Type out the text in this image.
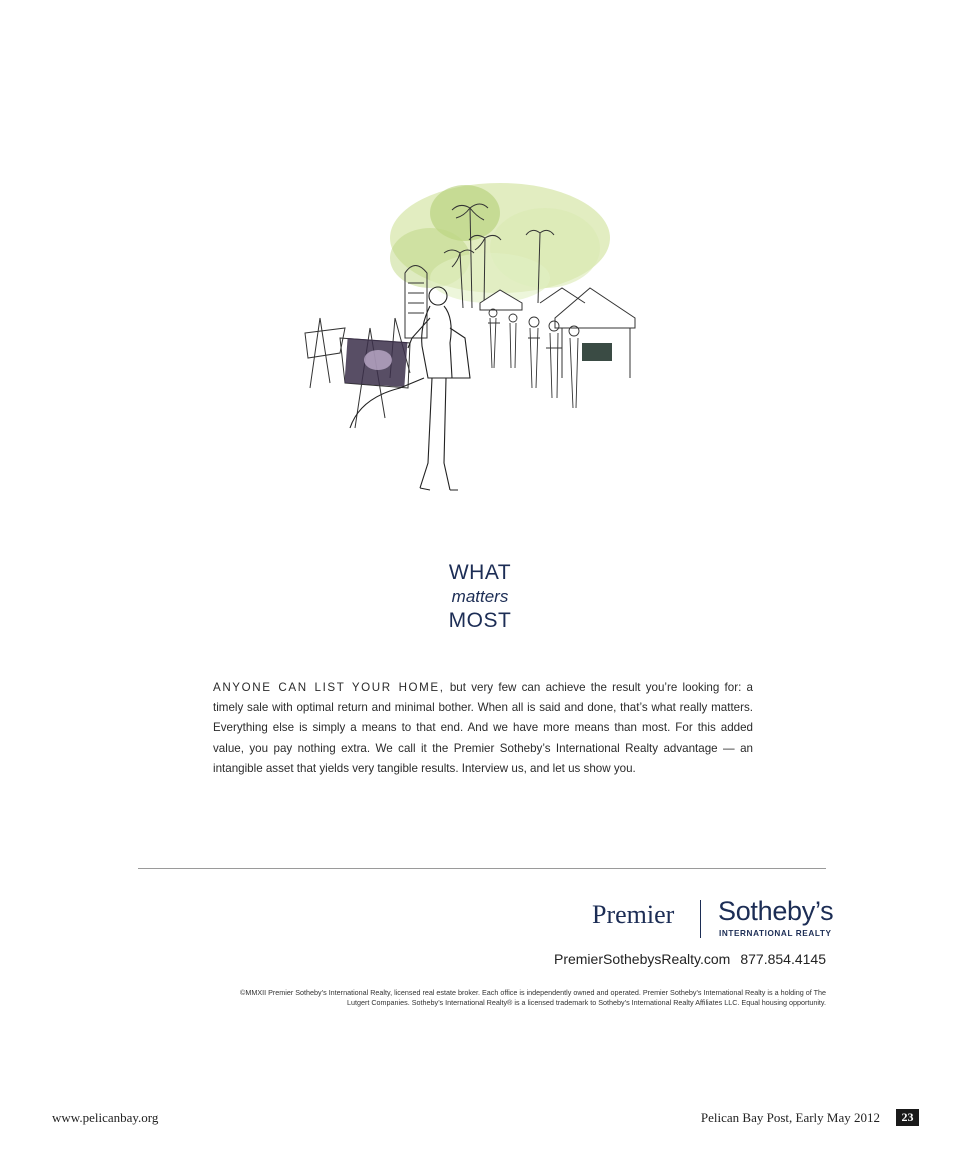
WHAT
matters
MOST
ANYONE CAN LIST YOUR HOME, but very few can achieve the result you’re looking for: a timely sale with optimal return and minimal bother. When all is said and done, that’s what really matters. Everything else is simply a means to that end. And we have more means than most. For this added value, you pay nothing extra. We call it the Premier Sotheby’s International Realty advantage — an intangible asset that yields very tangible results. Interview us, and let us show you.
Premier Sotheby’s
INTERNATIONAL REALTY
PremierSothebysRealty.com 877.854.4145
©MMXII Premier Sotheby’s International Realty, licensed real estate broker. Each office is independently owned and operated. Premier Sotheby’s International Realty is a holding of The Lutgert Companies. Sotheby’s International Realty® is a licensed trademark to Sotheby’s International Realty Affiliates LLC. Equal housing opportunity.
www.pelicanbay.org	Pelican Bay Post, Early May 2012	23
